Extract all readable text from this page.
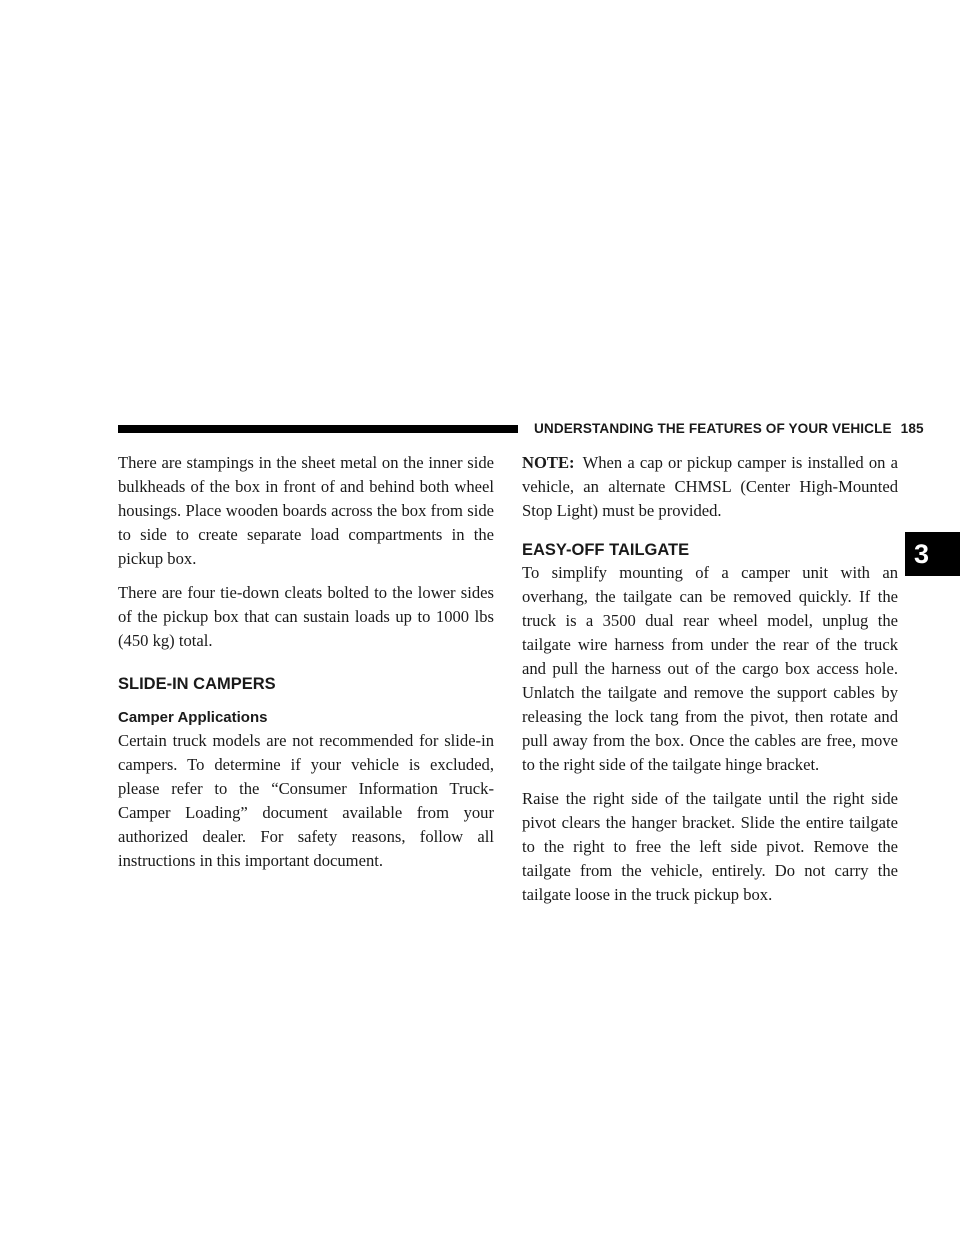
UNDERSTANDING THE FEATURES OF YOUR VEHICLE 185
3

There are stampings in the sheet metal on the inner side bulkheads of the box in front of and behind both wheel housings. Place wooden boards across the box from side to side to create separate load compartments in the pickup box.

There are four tie-down cleats bolted to the lower sides of the pickup box that can sustain loads up to 1000 lbs (450 kg) total.

SLIDE-IN CAMPERS
Camper Applications

Certain truck models are not recommended for slide-in campers. To determine if your vehicle is excluded, please refer to the “Consumer Information Truck-Camper Loading” document available from your authorized dealer. For safety reasons, follow all instructions in this important document.

NOTE: When a cap or pickup camper is installed on a vehicle, an alternate CHMSL (Center High-Mounted Stop Light) must be provided.

EASY-OFF TAILGATE

To simplify mounting of a camper unit with an overhang, the tailgate can be removed quickly. If the truck is a 3500 dual rear wheel model, unplug the tailgate wire harness from under the rear of the truck and pull the harness out of the cargo box access hole. Unlatch the tailgate and remove the support cables by releasing the lock tang from the pivot, then rotate and pull away from the box. Once the cables are free, move to the right side of the tailgate hinge bracket.

Raise the right side of the tailgate until the right side pivot clears the hanger bracket. Slide the entire tailgate to the right to free the left side pivot. Remove the tailgate from the vehicle, entirely. Do not carry the tailgate loose in the truck pickup box.
